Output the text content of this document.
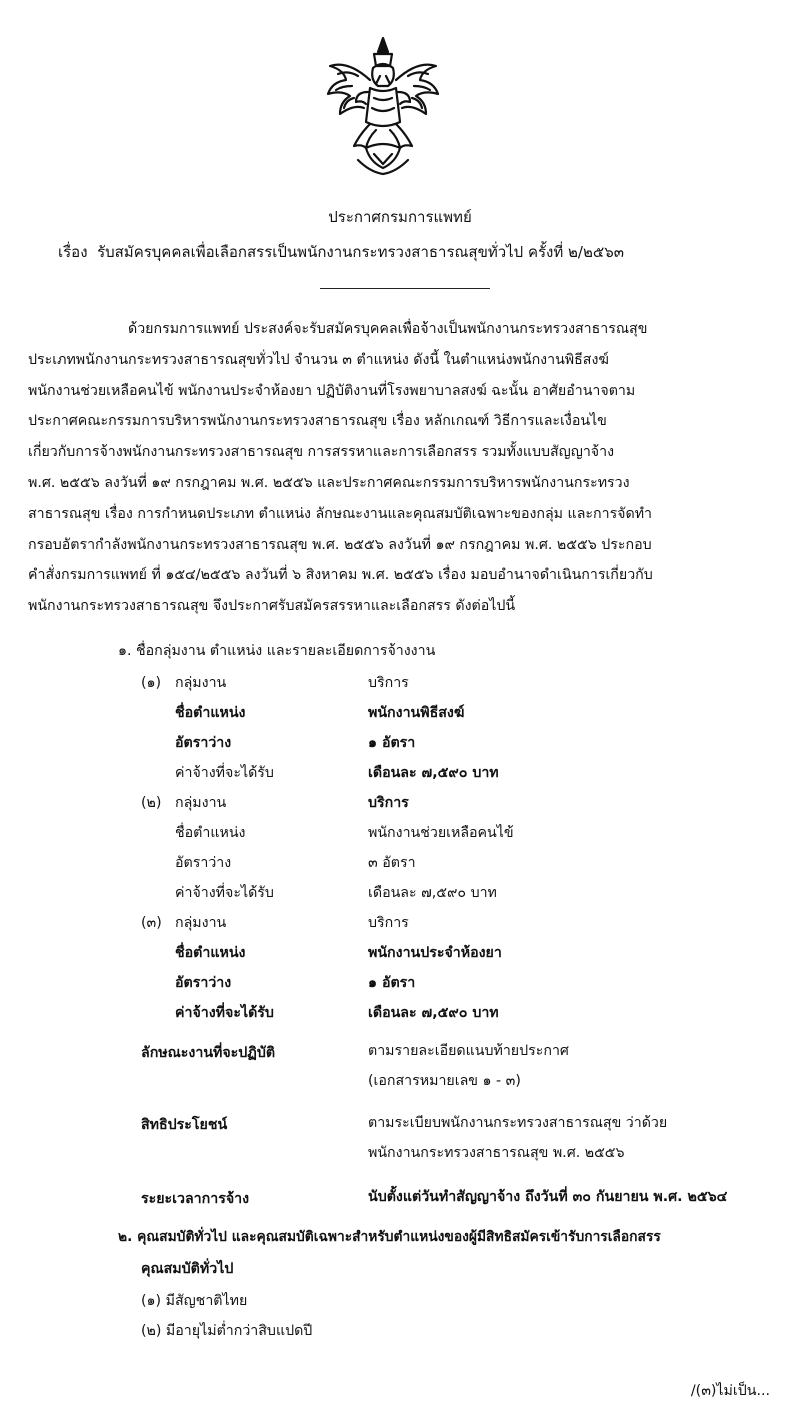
ประกาศกรมการแพทย์
เรื่อง รับสมัครบุคคลเพื่อเลือกสรรเป็นพนักงานกระทรวงสาธารณสุขทั่วไป ครั้งที่ ๒/๒๕๖๓
ด้วยกรมการแพทย์ ประสงค์จะรับสมัครบุคคลเพื่อจ้างเป็นพนักงานกระทรวงสาธารณสุข
ประเภทพนักงานกระทรวงสาธารณสุขทั่วไป จำนวน ๓ ตำแหน่ง ดังนี้ ในตำแหน่งพนักงานพิธีสงฆ์
พนักงานช่วยเหลือคนไข้ พนักงานประจำห้องยา ปฏิบัติงานที่โรงพยาบาลสงฆ์ ฉะนั้น อาศัยอำนาจตาม
ประกาศคณะกรรมการบริหารพนักงานกระทรวงสาธารณสุข เรื่อง หลักเกณฑ์ วิธีการและเงื่อนไข
เกี่ยวกับการจ้างพนักงานกระทรวงสาธารณสุข การสรรหาและการเลือกสรร รวมทั้งแบบสัญญาจ้าง
พ.ศ. ๒๕๕๖ ลงวันที่ ๑๙ กรกฎาคม พ.ศ. ๒๕๕๖ และประกาศคณะกรรมการบริหารพนักงานกระทรวง
สาธารณสุข เรื่อง การกำหนดประเภท ตำแหน่ง ลักษณะงานและคุณสมบัติเฉพาะของกลุ่ม และการจัดทำ
กรอบอัตรากำลังพนักงานกระทรวงสาธารณสุข พ.ศ. ๒๕๕๖ ลงวันที่ ๑๙ กรกฎาคม พ.ศ. ๒๕๕๖ ประกอบ
คำสั่งกรมการแพทย์ ที่ ๑๕๔/๒๕๕๖ ลงวันที่ ๖ สิงหาคม พ.ศ. ๒๕๕๖ เรื่อง มอบอำนาจดำเนินการเกี่ยวกับ
พนักงานกระทรวงสาธารณสุข จึงประกาศรับสมัครสรรหาและเลือกสรร ดังต่อไปนี้
๑. ชื่อกลุ่มงาน ตำแหน่ง และรายละเอียดการจ้างงาน
(๑) กลุ่มงาน	บริการ
ชื่อตำแหน่ง	พนักงานพิธีสงฆ์
อัตราว่าง	๑ อัตรา
ค่าจ้างที่จะได้รับ	เดือนละ ๗,๕๙๐ บาท
(๒) กลุ่มงาน	บริการ
ชื่อตำแหน่ง	พนักงานช่วยเหลือคนไข้
อัตราว่าง	๓ อัตรา
ค่าจ้างที่จะได้รับ	เดือนละ ๗,๕๙๐ บาท
(๓) กลุ่มงาน	บริการ
ชื่อตำแหน่ง	พนักงานประจำห้องยา
อัตราว่าง	๑ อัตรา
ค่าจ้างที่จะได้รับ	เดือนละ ๗,๕๙๐ บาท
ลักษณะงานที่จะปฏิบัติ	ตามรายละเอียดแนบท้ายประกาศ
(เอกสารหมายเลข ๑ - ๓)
สิทธิประโยชน์	ตามระเบียบพนักงานกระทรวงสาธารณสุข ว่าด้วย
พนักงานกระทรวงสาธารณสุข พ.ศ. ๒๕๕๖
ระยะเวลาการจ้าง	นับตั้งแต่วันทำสัญญาจ้าง ถึงวันที่ ๓๐ กันยายน พ.ศ. ๒๕๖๔
๒. คุณสมบัติทั่วไป และคุณสมบัติเฉพาะสำหรับตำแหน่งของผู้มีสิทธิสมัครเข้ารับการเลือกสรร
คุณสมบัติทั่วไป
(๑) มีสัญชาติไทย
(๒) มีอายุไม่ต่ำกว่าสิบแปดปี
/(๓)ไม่เป็น...
